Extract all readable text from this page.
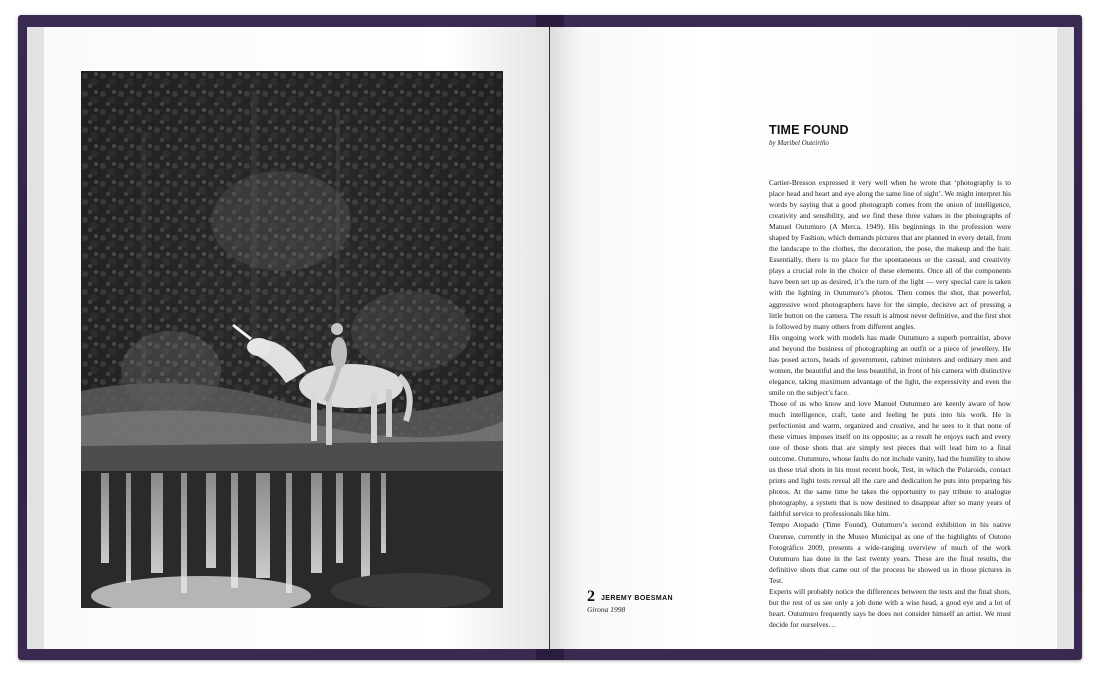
2 JEREMY BOESMAN
Girona 1998
TIME FOUND
by Maribel Outeiriño

Cartier-Bresson expressed it very well when he wrote that ‘photography is to place head and heart and eye along the same line of sight’. We might interpret his words by saying that a good photograph comes from the union of intelligence, creativity and sensibility, and we find these three values in the photographs of Manuel Outumuro (A Merca, 1949). His beginnings in the profession were shaped by Fashion, which demands pictures that are planned in every detail, from the landscape to the clothes, the decoration, the pose, the makeup and the hair. Essentially, there is no place for the spontaneous or the casual, and creativity plays a crucial role in the choice of these elements. Once all of the components have been set up as desired, it’s the turn of the light — very special care is taken with the lighting in Outumuro’s photos. Then comes the shot, that powerful, aggressive word photographers have for the simple, decisive act of pressing a little button on the camera. The result is almost never definitive, and the first shot is followed by many others from different angles.

His ongoing work with models has made Outumuro a superb portraitist, above and beyond the business of photographing an outfit or a piece of jewellery. He has posed actors, heads of government, cabinet ministers and ordinary men and women, the beautiful and the less beautiful, in front of his camera with distinctive elegance, taking maximum advantage of the light, the expressivity and even the smile on the subject’s face.

Those of us who know and love Manuel Outumuro are keenly aware of how much intelligence, craft, taste and feeling he puts into his work. He is perfectionist and warm, organized and creative, and he sees to it that none of these virtues imposes itself on its opposite; as a result he enjoys each and every one of those shots that are simply test pieces that will lead him to a final outcome. Outumuro, whose faults do not include vanity, had the humility to show us these trial shots in his most recent book, Test, in which the Polaroids, contact prints and light tests reveal all the care and dedication he puts into preparing his photos. At the same time he takes the opportunity to pay tribute to analogue photography, a system that is now destined to disappear after so many years of faithful service to professionals like him.

Tempo Atopado (Time Found), Outumuro’s second exhibition in his native Ourense, currently in the Museo Municipal as one of the highlights of Outono Fotográfico 2009, presents a wide-ranging overview of much of the work Outumuro has done in the last twenty years. These are the final results, the definitive shots that came out of the process he showed us in those pictures in Test.

Experts will probably notice the differences between the tests and the final shots, but the rest of us see only a job done with a wise head, a good eye and a lot of heart. Outumuro frequently says he does not consider himself an artist. We must decide for ourselves…
